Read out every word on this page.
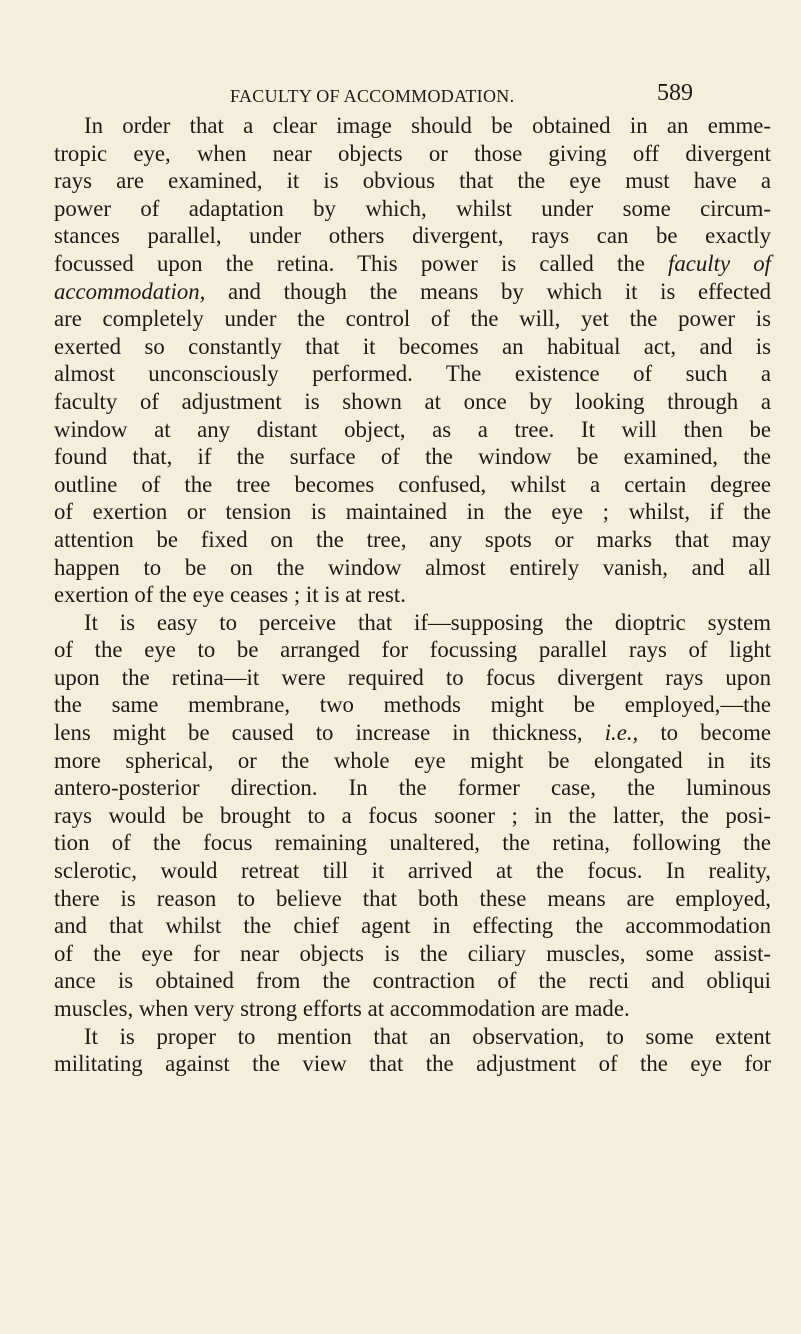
FACULTY OF ACCOMMODATION.	589
In order that a clear image should be obtained in an emme-
tropic eye, when near objects or those giving off divergent
rays are examined, it is obvious that the eye must have a
power of adaptation by which, whilst under some circum-
stances parallel, under others divergent, rays can be exactly
focussed upon the retina. This power is called the faculty of
accommodation, and though the means by which it is effected
are completely under the control of the will, yet the power is
exerted so constantly that it becomes an habitual act, and is
almost unconsciously performed. The existence of such a
faculty of adjustment is shown at once by looking through a
window at any distant object, as a tree. It will then be
found that, if the surface of the window be examined, the
outline of the tree becomes confused, whilst a certain degree
of exertion or tension is maintained in the eye ; whilst, if the
attention be fixed on the tree, any spots or marks that may
happen to be on the window almost entirely vanish, and all
exertion of the eye ceases ; it is at rest.
It is easy to perceive that if—supposing the dioptric system
of the eye to be arranged for focussing parallel rays of light
upon the retina—it were required to focus divergent rays upon
the same membrane, two methods might be employed,—the
lens might be caused to increase in thickness, i.e., to become
more spherical, or the whole eye might be elongated in its
antero-posterior direction. In the former case, the luminous
rays would be brought to a focus sooner ; in the latter, the posi-
tion of the focus remaining unaltered, the retina, following the
sclerotic, would retreat till it arrived at the focus. In reality,
there is reason to believe that both these means are employed,
and that whilst the chief agent in effecting the accommodation
of the eye for near objects is the ciliary muscles, some assist-
ance is obtained from the contraction of the recti and obliqui
muscles, when very strong efforts at accommodation are made.
It is proper to mention that an observation, to some extent
militating against the view that the adjustment of the eye for
